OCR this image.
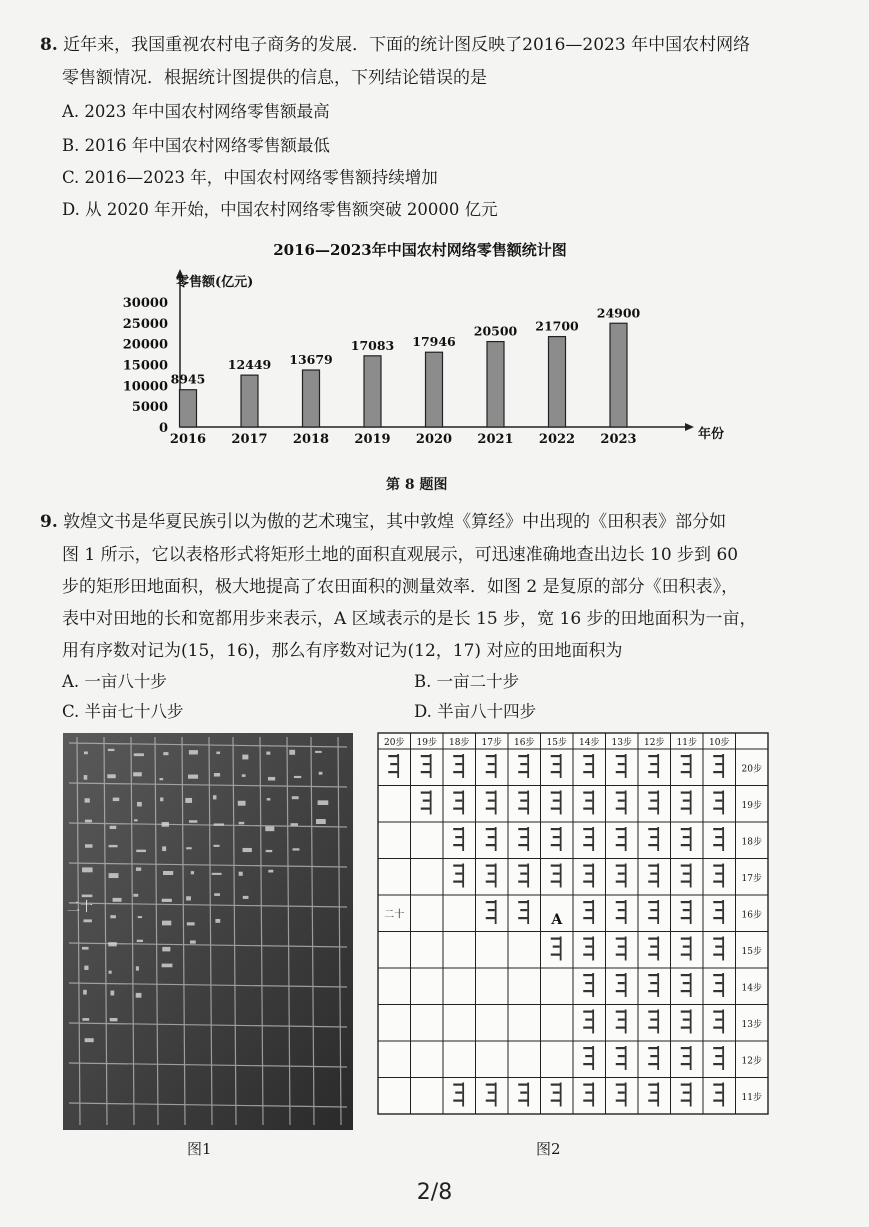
8. 近年来，我国重视农村电子商务的发展．下面的统计图反映了2016—2023 年中国农村网络
零售额情况．根据统计图提供的信息，下列结论错误的是
A. 2023 年中国农村网络零售额最高
B. 2016 年中国农村网络零售额最低
C. 2016—2023 年，中国农村网络零售额持续增加
D. 从 2020 年开始，中国农村网络零售额突破 20000 亿元
2016—2023年中国农村网络零售额统计图
零售额(亿元)
年份
0
5000
10000
15000
20000
25000
30000
8945
2016
12449
2017
13679
2018
17083
2019
17946
2020
20500
2021
21700
2022
24900
2023
第 8 题图
9. 敦煌文书是华夏民族引以为傲的艺术瑰宝，其中敦煌《算经》中出现的《田积表》部分如
图 1 所示，它以表格形式将矩形土地的面积直观展示，可迅速准确地查出边长 10 步到 60
步的矩形田地面积，极大地提高了农田面积的测量效率．如图 2 是复原的部分《田积表》，
表中对田地的长和宽都用步来表示，A 区域表示的是长 15 步，宽 16 步的田地面积为一亩，
用有序数对记为(15，16)，那么有序数对记为(12，17) 对应的田地面积为
A. 一亩八十步	B. 一亩二十步
C. 半亩七十八步	D. 半亩八十四步
二十
图1
20步 19步 18步 17步 16步 15步 14步 13步 12步 11步 10步
20步
19步
18步
17步
16步
15步
14步
13步
12步
11步
A
二十
图2
2/8
